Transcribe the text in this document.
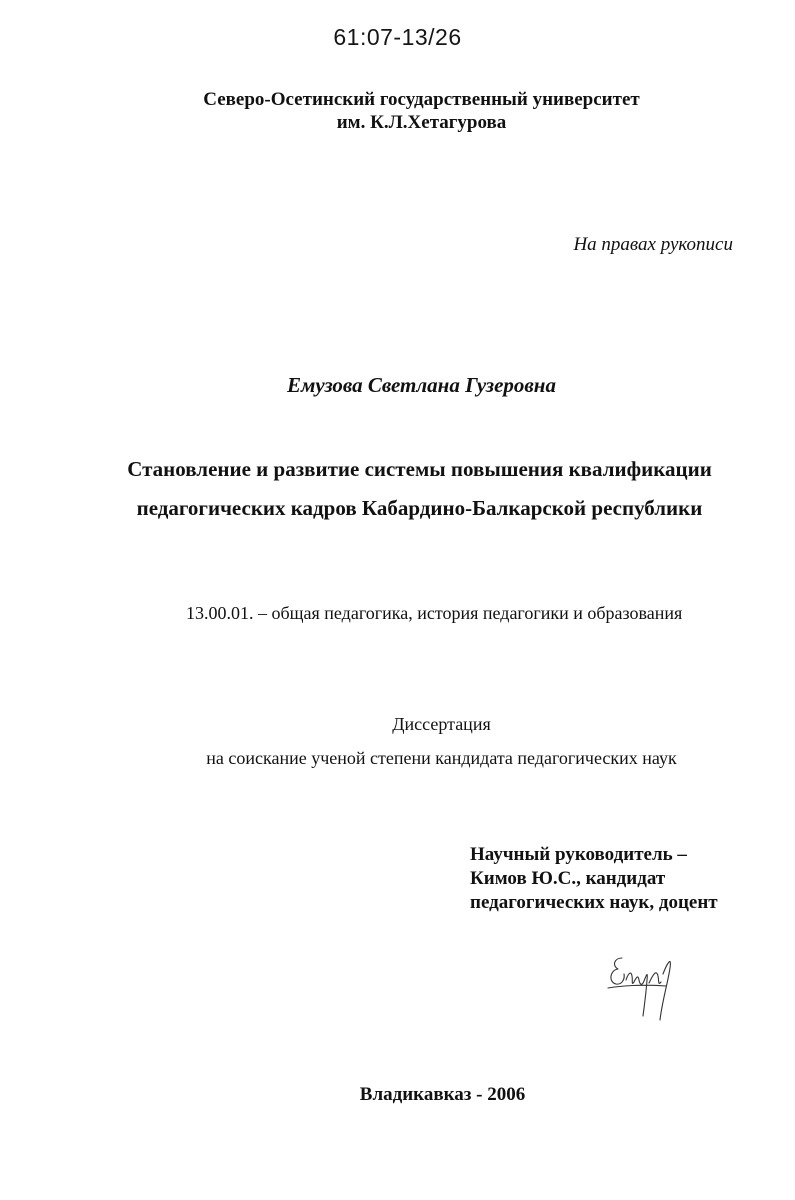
61:07-13/26
Северо-Осетинский государственный университет
им. К.Л.Хетагурова
На правах рукописи
Емузова Светлана Гузеровна
Становление и развитие системы повышения квалификации
педагогических кадров Кабардино-Балкарской республики
13.00.01. – общая педагогика, история педагогики и образования
Диссертация
на соискание ученой степени кандидата педагогических наук
Научный руководитель –
Кимов Ю.С., кандидат
педагогических наук, доцент
Владикавказ - 2006
